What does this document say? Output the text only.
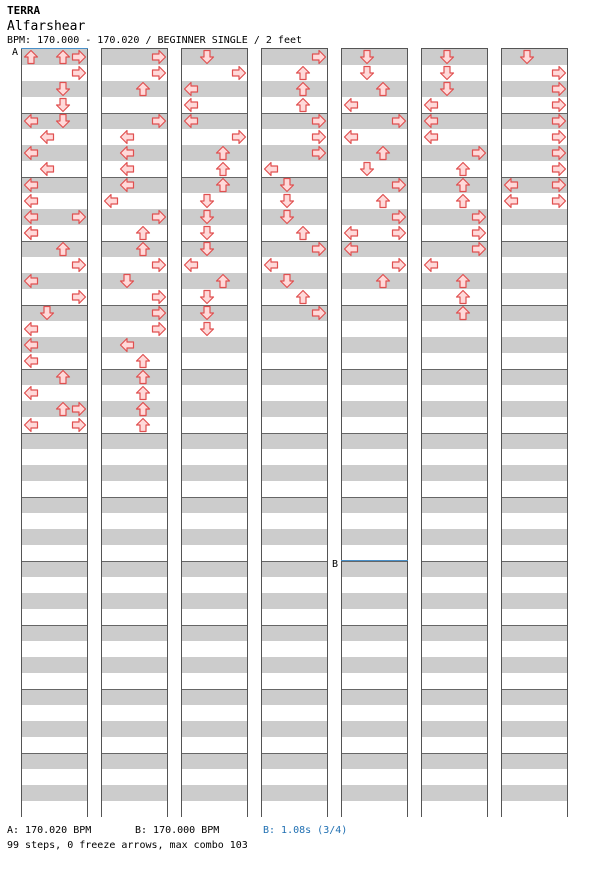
TERRA
Alfarshear
BPM: 170.000 - 170.020 / BEGINNER SINGLE / 2 feet
A
B

A: 170.020 BPM

	B: 170.000 BPM

	B: 1.08s (3/4)

99 steps, 0 freeze arrows, max combo 103
